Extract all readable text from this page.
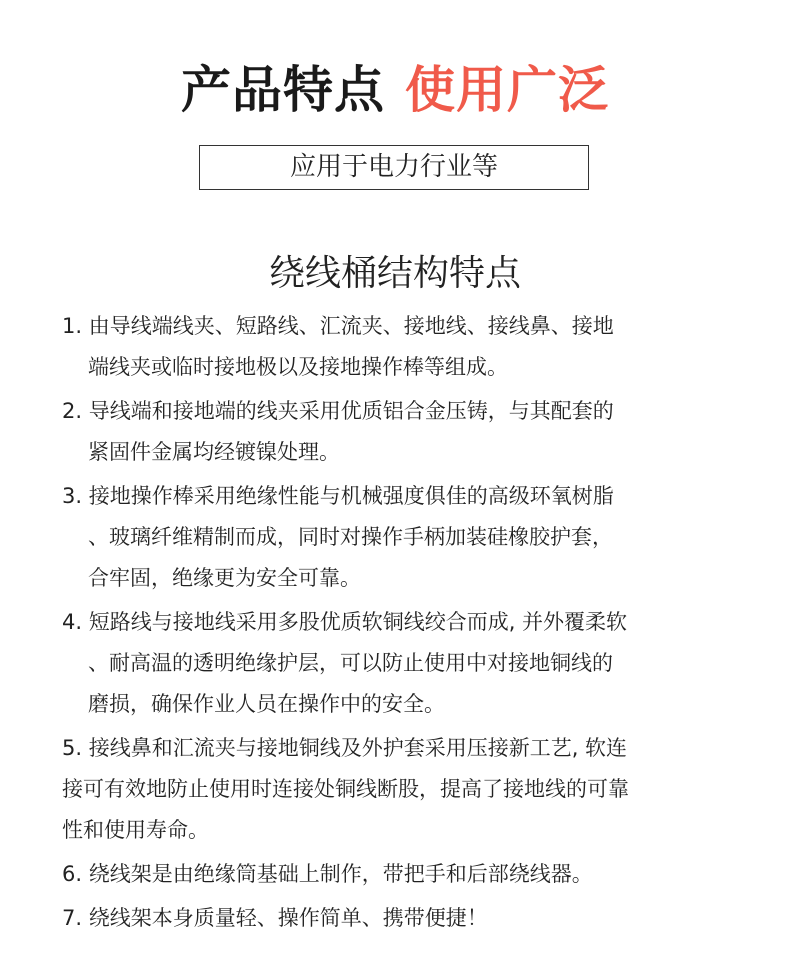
产品特点 使用广泛
应用于电力行业等
绕线桶结构特点
1. 由导线端线夹、短路线、汇流夹、接地线、接线鼻、接地
端线夹或临时接地极以及接地操作棒等组成。
2. 导线端和接地端的线夹采用优质铝合金压铸，与其配套的
紧固件金属均经镀镍处理。
3. 接地操作棒采用绝缘性能与机械强度俱佳的高级环氧树脂
、玻璃纤维精制而成，同时对操作手柄加装硅橡胶护套，
合牢固，绝缘更为安全可靠。
4. 短路线与接地线采用多股优质软铜线绞合而成, 并外覆柔软
、耐高温的透明绝缘护层，可以防止使用中对接地铜线的
磨损，确保作业人员在操作中的安全。
5. 接线鼻和汇流夹与接地铜线及外护套采用压接新工艺, 软连
接可有效地防止使用时连接处铜线断股，提高了接地线的可靠
性和使用寿命。
6. 绕线架是由绝缘筒基础上制作，带把手和后部绕线器。
7. 绕线架本身质量轻、操作简单、携带便捷！
